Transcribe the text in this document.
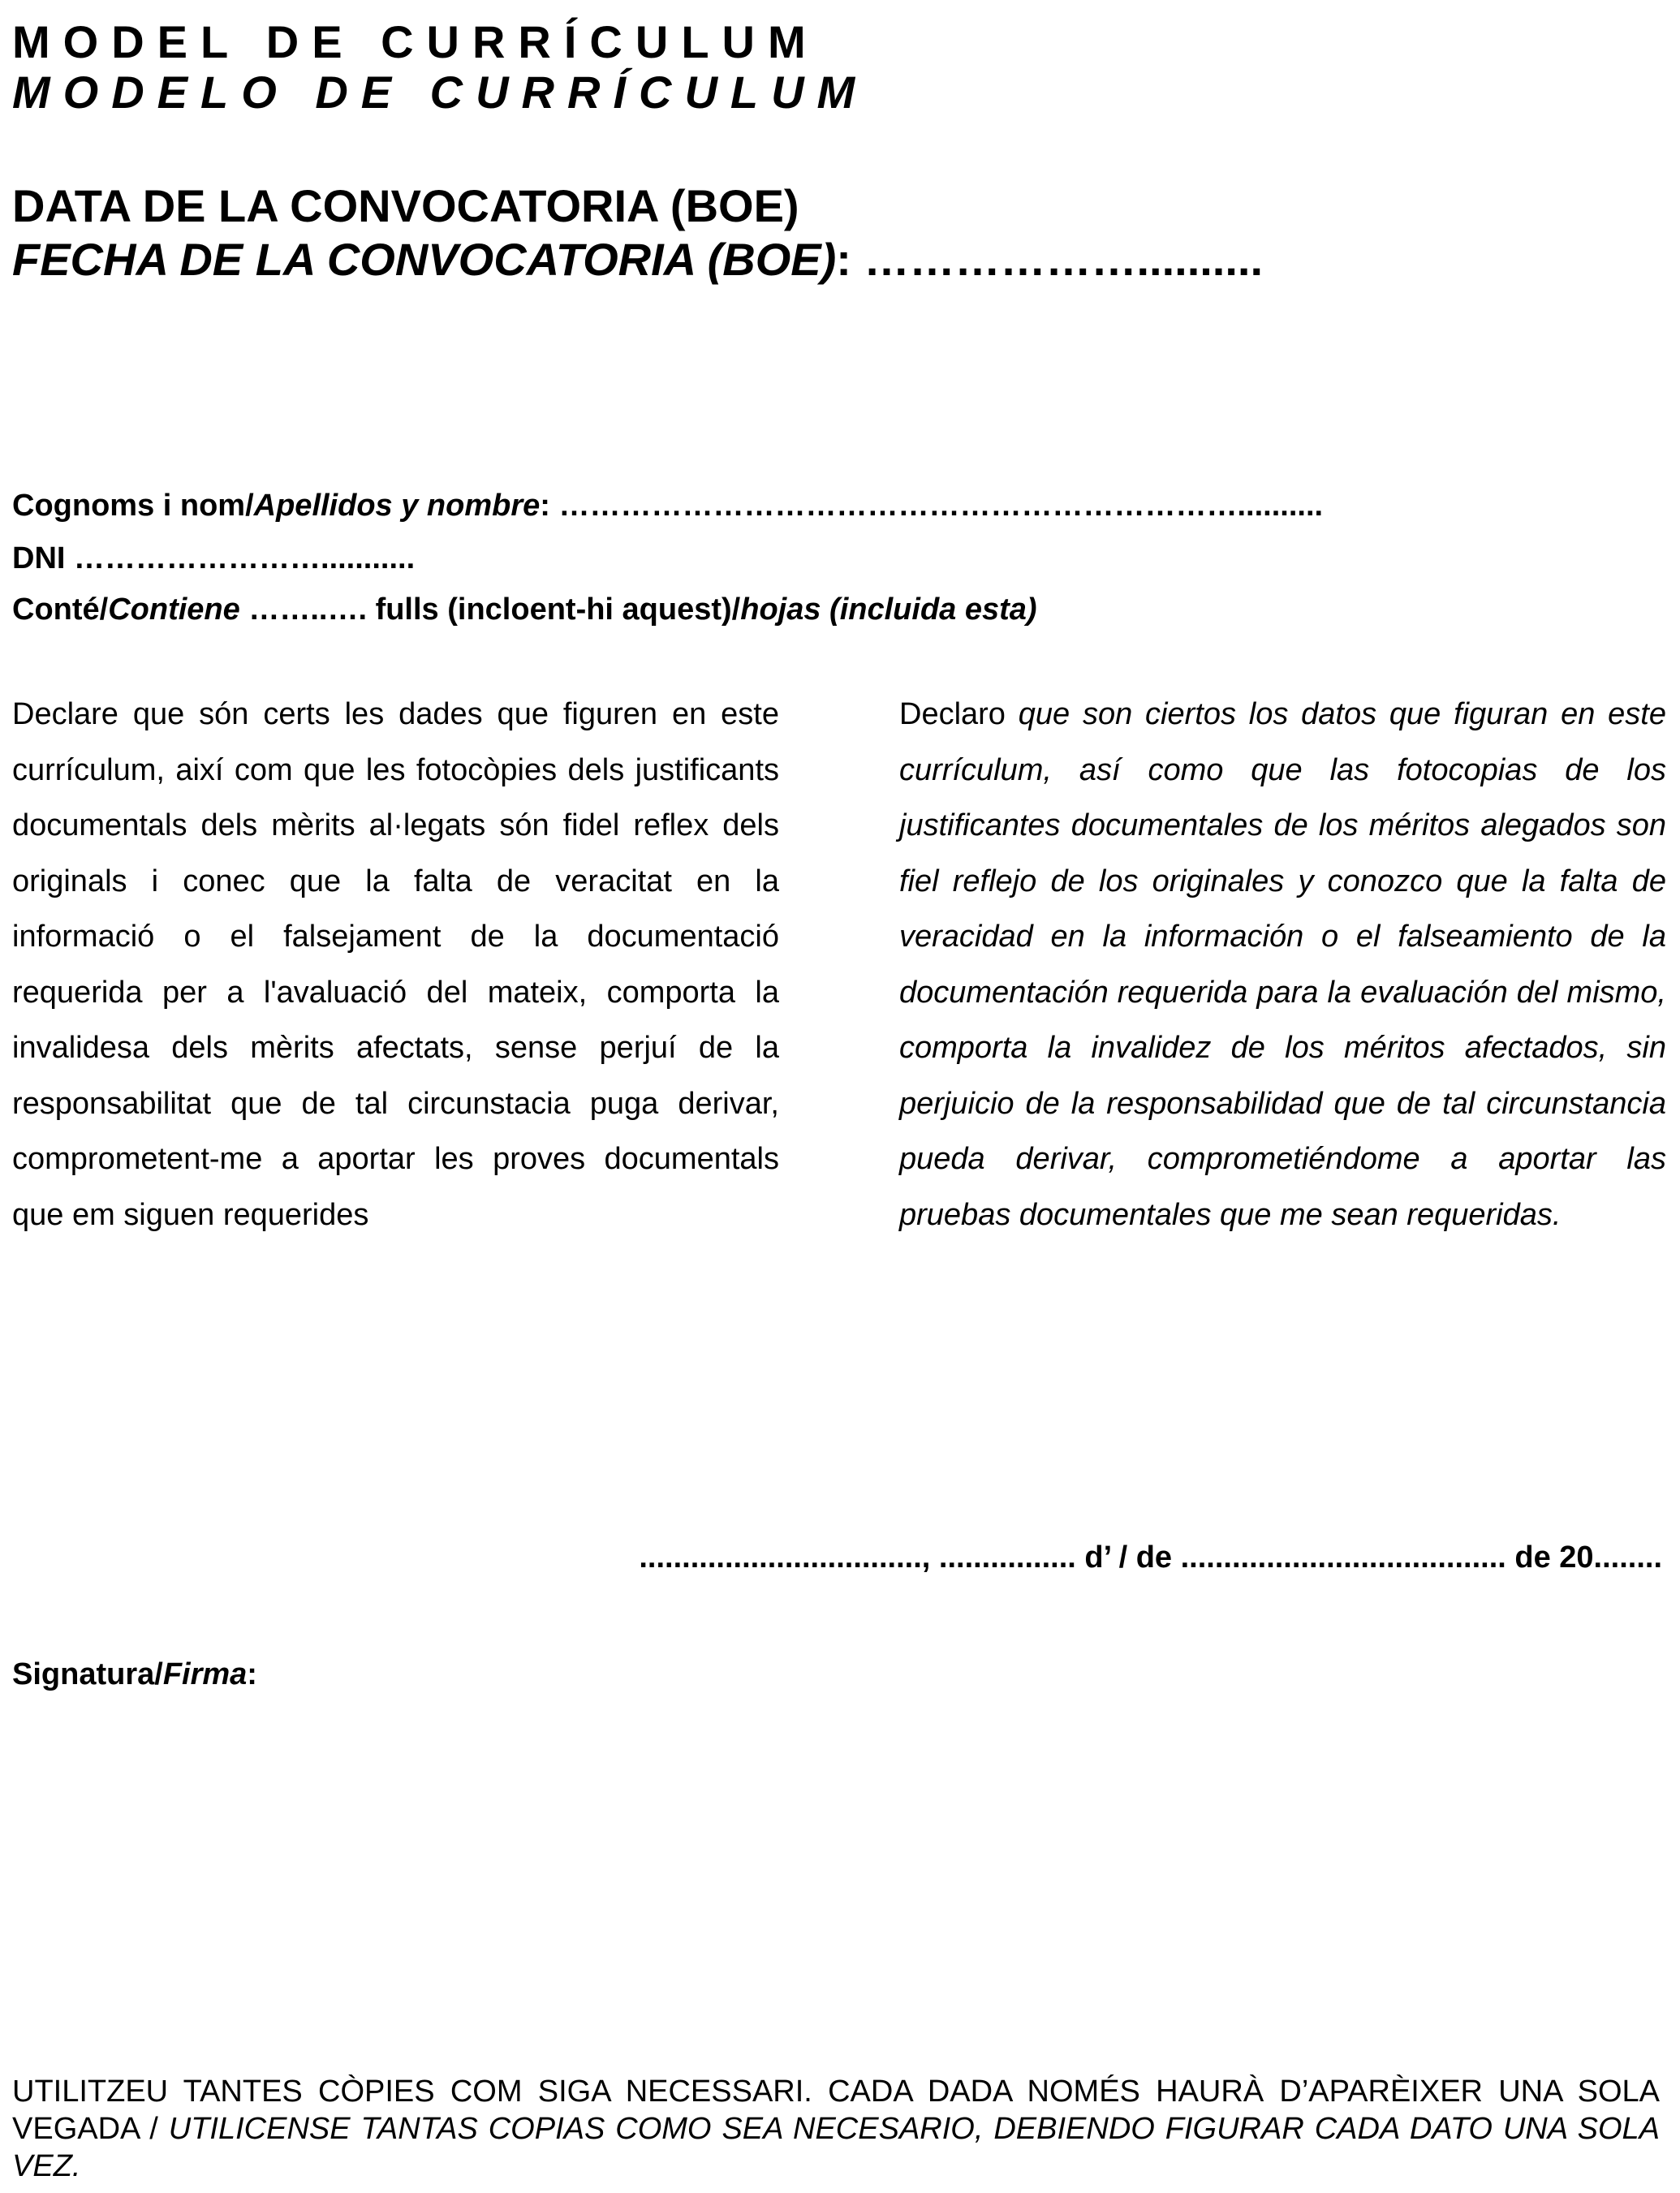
MODEL DE CURRÍCULUM
MODELO DE CURRÍCULUM
DATA DE LA CONVOCATORIA (BOE)
FECHA DE LA CONVOCATORIA (BOE): ………………..........
Cognoms i nom/Apellidos y nombre: …………………………………………………………..........
DNI ……………………...........
Conté/Contiene ……..…. fulls (incloent-hi aquest)/hojas (incluida esta)
Declare que són certs les dades que figuren en este currículum, així com que les fotocòpies dels justificants documentals dels mèrits al·legats són fidel reflex dels originals i conec que la falta de veracitat en la informació o el falsejament de la documentació requerida per a l'avaluació del mateix, comporta la invalidesa dels mèrits afectats, sense perjuí de la responsabilitat que de tal circunstacia puga derivar, comprometent-me a aportar les proves documentals que em siguen requerides
Declaro que son ciertos los datos que figuran en este currículum, así como que las fotocopias de los justificantes documentales de los méritos alegados son fiel reflejo de los originales y conozco que la falta de veracidad en la información o el falseamiento de la documentación requerida para la evaluación del mismo, comporta la invalidez de los méritos afectados, sin perjuicio de la responsabilidad que de tal circunstancia pueda derivar, comprometiéndome a aportar las pruebas documentales que me sean requeridas.
................................., ................ d’ / de ...................................... de 20........
Signatura/Firma:
UTILITZEU TANTES CÒPIES COM SIGA NECESSARI. CADA DADA NOMÉS HAURÀ D’APARÈIXER UNA SOLA VEGADA / UTILICENSE TANTAS COPIAS COMO SEA NECESARIO, DEBIENDO FIGURAR CADA DATO UNA SOLA VEZ.
